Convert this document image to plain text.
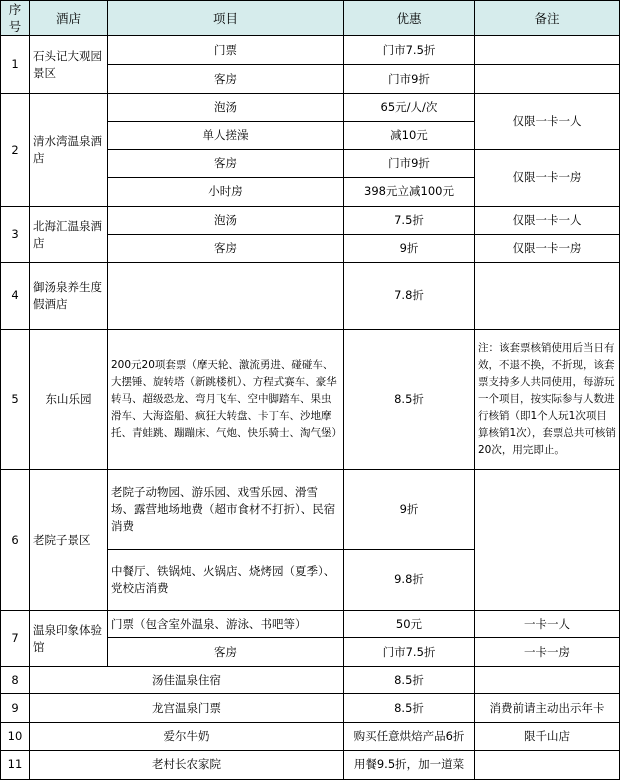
序号	酒店	项目	优惠	备注
1	石头记大观园景区	门票	门市7.5折	
		客房	门市9折	
2	清水湾温泉酒店	泡汤	65元/人/次	仅限一卡一人
		单人搓澡	减10元	
		客房	门市9折	仅限一卡一房
		小时房	398元立减100元	
3	北海汇温泉酒店	泡汤	7.5折	仅限一卡一人
		客房	9折	仅限一卡一房
4	御汤泉养生度假酒店		7.8折	
5	东山乐园	200元20项套票（摩天轮、激流勇进、碰碰车、大摆锤、旋转塔（新跳楼机）、方程式赛车、豪华转马、超级恐龙、弯月飞车、空中脚踏车、果虫滑车、大海盗船、疯狂大转盘、卡丁车、沙地摩托、青蛙跳、蹦蹦床、气炮、快乐骑士、淘气堡）	8.5折	注：该套票核销使用后当日有效，不退不换，不折现，该套票支持多人共同使用，每游玩一个项目，按实际参与人数进行核销（即1个人玩1次项目算核销1次），套票总共可核销20次，用完即止。
6	老院子景区	老院子动物园、游乐园、戏雪乐园、滑雪场、露营地场地费（超市食材不打折）、民宿消费	9折	
		中餐厅、铁锅炖、火锅店、烧烤园（夏季）、党校店消费	9.8折	
7	温泉印象体验馆	门票（包含室外温泉、游泳、书吧等）	50元	一卡一人
		客房	门市7.5折	一卡一房
8	汤佳温泉住宿		8.5折	
9	龙宫温泉门票		8.5折	消费前请主动出示年卡
10	爱尔牛奶		购买任意烘焙产品6折	限千山店
11	老村长农家院		用餐9.5折，加一道菜	
